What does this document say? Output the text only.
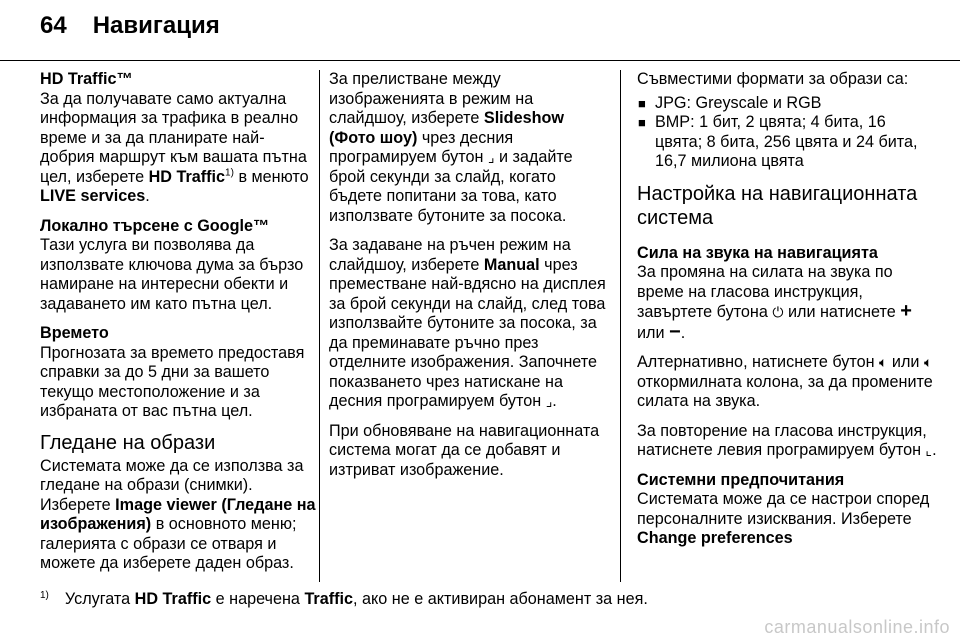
64 Навигация

HD Traffic™
За да получавате само актуална информация за трафика в реално време и за да планирате най-добрия маршрут към вашата пътна цел, изберете HD Traffic$^{1)}$ в менюто LIVE services.

Локално търсене с Google™
Тази услуга ви позволява да използвате ключова дума за бързо намиране на интересни обекти и задаването им като пътна цел.

Времето
Прогнозата за времето предоставя справки за до 5 дни за вашето текущо местоположение и за избраната от вас пътна цел.

Гледане на образи
Системата може да се използва за гледане на образи (снимки). Изберете Image viewer (Гледане на изображения) в основното меню; галерията с образи се отваря и можете да изберете даден образ.

За прелистване между изображенията в режим на слайдшоу, изберете Slideshow (Фото шоу) чрез десния програмируем бутон ⌟ и задайте брой секунди за слайд, когато бъдете попитани за това, като използвате бутоните за посока.

За задаване на ръчен режим на слайдшоу, изберете Manual чрез преместване най-вдясно на дисплея за брой секунди на слайд, след това използвайте бутоните за посока, за да преминавате ръчно през отделните изображения. Започнете показването чрез натискане на десния програмируем бутон ⌟.

При обновяване на навигационната система могат да се добавят и изтриват изображение.

Съвместими формати за образи са:

■ JPG: Greyscale и RGB
■ BMP: 1 бит, 2 цвята; 4 бита, 16 цвята; 8 бита, 256 цвята и 24 бита, 16,7 милиона цвята
Настройка на навигационната система

Сила на звука на навигацията
За промяна на силата на звука по време на гласова инструкция, завъртете бутона ⏻ или натиснете + или −.

Алтернативно, натиснете бутон 🔈︎ или 🔈︎ откормилната колона, за да промените силата на звука.

За повторение на гласова инструкция, натиснете левия програмируем бутон ⌞.

Системни предпочитания
Системата може да се настрои според персоналните изисквания. Изберете Change preferences

$^{1)}$ Услугата HD Traffic е наречена Traffic, ако не е активиран абонамент за нея.
carmanualsonline.info
